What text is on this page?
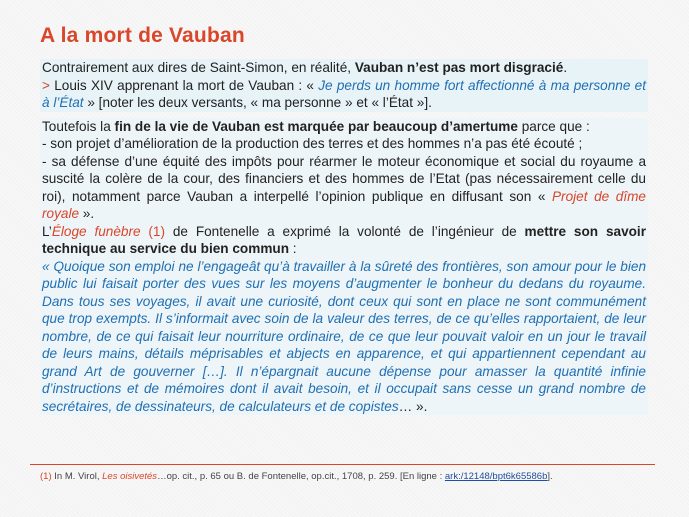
A la mort de Vauban
Contrairement aux dires de Saint-Simon, en réalité, Vauban n’est pas mort disgracié.
> Louis XIV apprenant la mort de Vauban : « Je perds un homme fort affectionné à ma personne et à l’État » [noter les deux versants, « ma personne » et « l’État »].
Toutefois la fin de la vie de Vauban est marquée par beaucoup d’amertume parce que :
- son projet d’amélioration de la production des terres et des hommes n’a pas été écouté ;
- sa défense d’une équité des impôts pour réarmer le moteur économique et social du royaume a suscité la colère de la cour, des financiers et des hommes de l’Etat (pas nécessairement celle du roi), notamment parce Vauban a interpellé l’opinion publique en diffusant son « Projet de dîme royale ».
L’Éloge funèbre (1) de Fontenelle a exprimé la volonté de l’ingénieur de mettre son savoir technique au service du bien commun :
« Quoique son emploi ne l’engageât qu’à travailler à la sûreté des frontières, son amour pour le bien public lui faisait porter des vues sur les moyens d’augmenter le bonheur du dedans du royaume. Dans tous ses voyages, il avait une curiosité, dont ceux qui sont en place ne sont communément que trop exempts. Il s’informait avec soin de la valeur des terres, de ce qu’elles rapportaient, de leur nombre, de ce qui faisait leur nourriture ordinaire, de ce que leur pouvait valoir en un jour le travail de leurs mains, détails méprisables et abjects en apparence, et qui appartiennent cependant au grand Art de gouverner […]. Il n’épargnait aucune dépense pour amasser la quantité infinie d’instructions et de mémoires dont il avait besoin, et il occupait sans cesse un grand nombre de secrétaires, de dessinateurs, de calculateurs et de copistes… ».
(1) In M. Virol, Les oisivetés…op. cit., p. 65 ou B. de Fontenelle, op.cit., 1708, p. 259. [En ligne : ark:/12148/bpt6k65586b].
